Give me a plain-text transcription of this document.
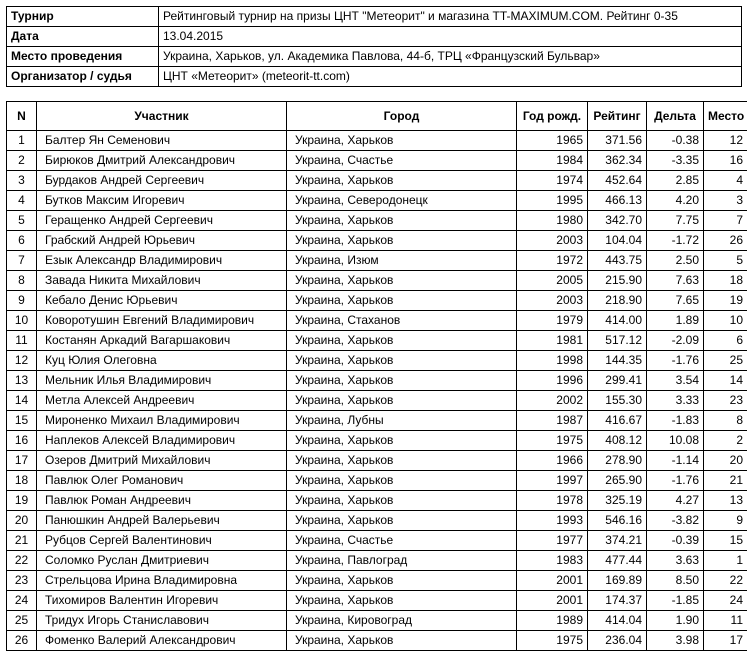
Турнир	Рейтинговый турнир на призы ЦНТ "Метеорит" и магазина TT-MAXIMUM.COM. Рейтинг 0-35
Дата	13.04.2015
Место проведения	Украина, Харьков, ул. Академика Павлова, 44-б, ТРЦ «Французский Бульвар»
Организатор / судья	ЦНТ «Метеорит» (meteorit-tt.com)
N	Участник	Город	Год рожд.	Рейтинг	Дельта	Место
1	Балтер Ян Семенович	Украина, Харьков	1965	371.56	-0.38	12
2	Бирюков Дмитрий Александрович	Украина, Счастье	1984	362.34	-3.35	16
3	Бурдаков Андрей Сергеевич	Украина, Харьков	1974	452.64	2.85	4
4	Бутков Максим Игоревич	Украина, Северодонецк	1995	466.13	4.20	3
5	Геращенко Андрей Сергеевич	Украина, Харьков	1980	342.70	7.75	7
6	Грабский Андрей Юрьевич	Украина, Харьков	2003	104.04	-1.72	26
7	Езык Александр Владимирович	Украина, Изюм	1972	443.75	2.50	5
8	Завада Никита Михайлович	Украина, Харьков	2005	215.90	7.63	18
9	Кебало Денис Юрьевич	Украина, Харьков	2003	218.90	7.65	19
10	Коворотушин Евгений Владимирович	Украина, Стаханов	1979	414.00	1.89	10
11	Костанян Аркадий Вагаршакович	Украина, Харьков	1981	517.12	-2.09	6
12	Куц Юлия Олеговна	Украина, Харьков	1998	144.35	-1.76	25
13	Мельник Илья Владимирович	Украина, Харьков	1996	299.41	3.54	14
14	Метла Алексей Андреевич	Украина, Харьков	2002	155.30	3.33	23
15	Мироненко Михаил Владимирович	Украина, Лубны	1987	416.67	-1.83	8
16	Наплеков Алексей Владимирович	Украина, Харьков	1975	408.12	10.08	2
17	Озеров Дмитрий Михайлович	Украина, Харьков	1966	278.90	-1.14	20
18	Павлюк Олег Романович	Украина, Харьков	1997	265.90	-1.76	21
19	Павлюк Роман Андреевич	Украина, Харьков	1978	325.19	4.27	13
20	Панюшкин Андрей Валерьевич	Украина, Харьков	1993	546.16	-3.82	9
21	Рубцов Сергей Валентинович	Украина, Счастье	1977	374.21	-0.39	15
22	Соломко Руслан Дмитриевич	Украина, Павлоград	1983	477.44	3.63	1
23	Стрельцова Ирина Владимировна	Украина, Харьков	2001	169.89	8.50	22
24	Тихомиров Валентин Игоревич	Украина, Харьков	2001	174.37	-1.85	24
25	Тридух Игорь Станиславович	Украина, Кировоград	1989	414.04	1.90	11
26	Фоменко Валерий Александрович	Украина, Харьков	1975	236.04	3.98	17
